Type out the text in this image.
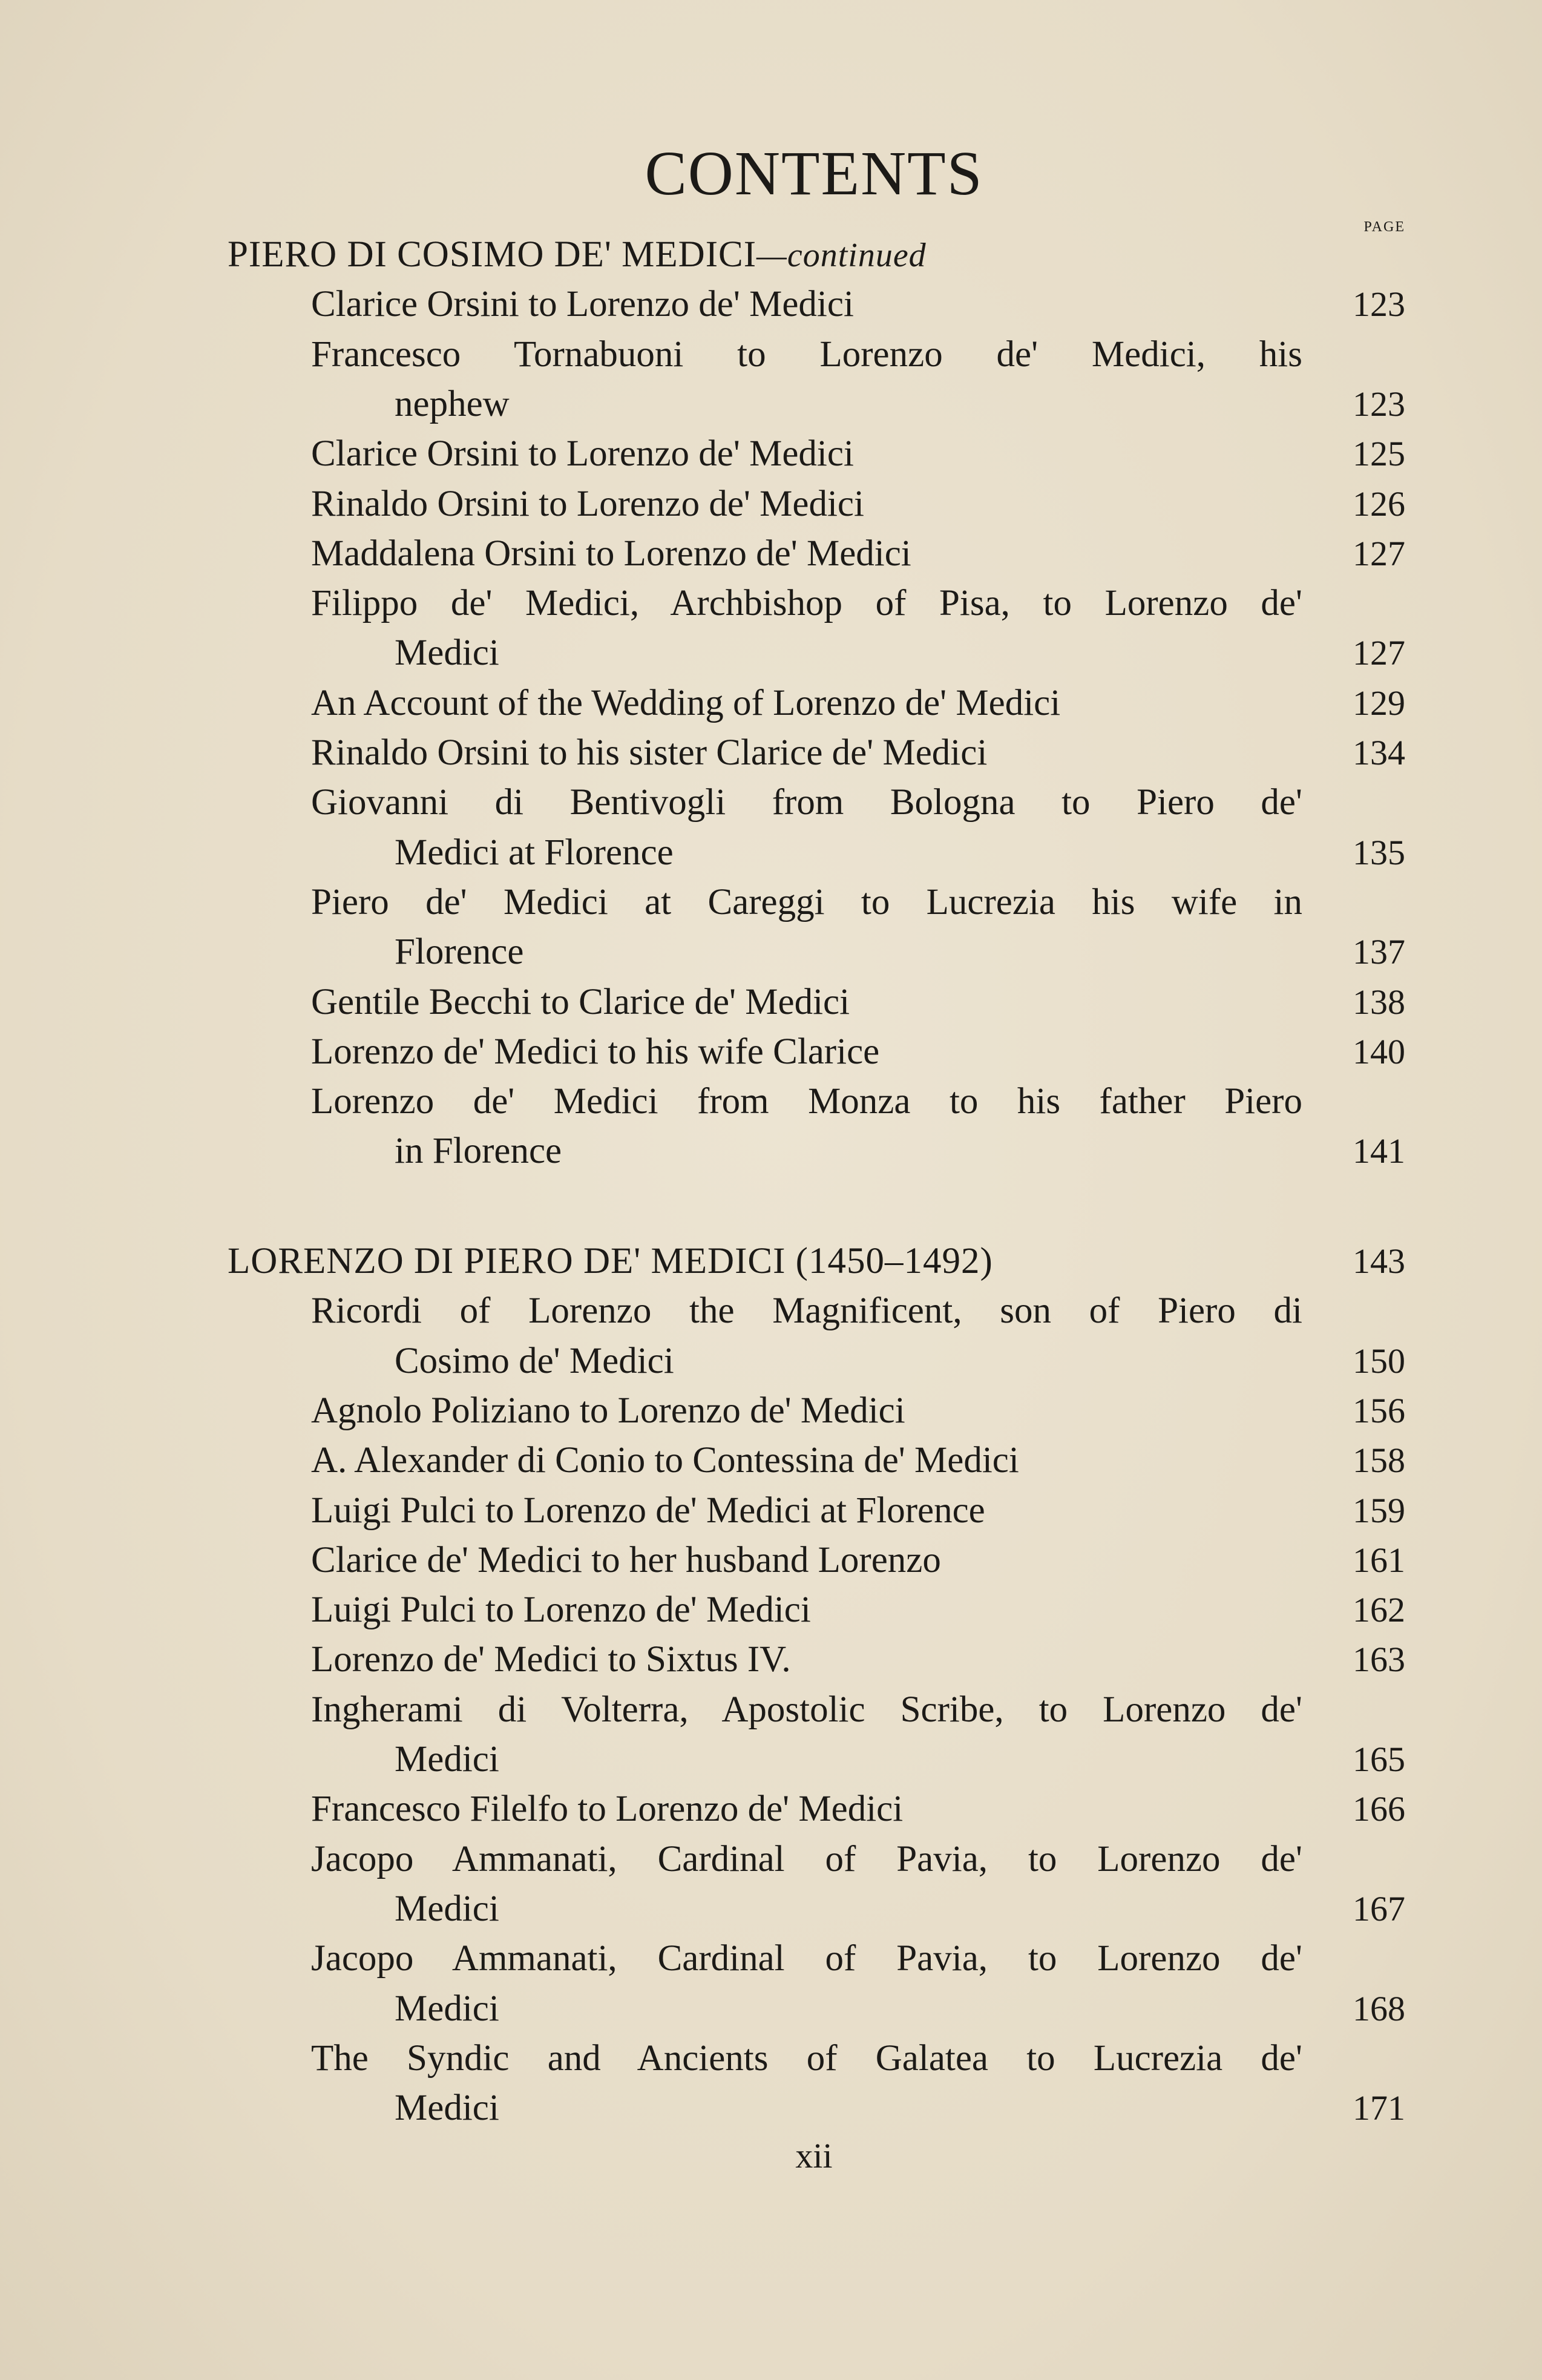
CONTENTS
PAGE
PIERO DI COSIMO DE' MEDICI—continued
Clarice Orsini to Lorenzo de' Medici	123
Francesco Tornabuoni to Lorenzo de' Medici, his
nephew	123
Clarice Orsini to Lorenzo de' Medici	125
Rinaldo Orsini to Lorenzo de' Medici	126
Maddalena Orsini to Lorenzo de' Medici	127
Filippo de' Medici, Archbishop of Pisa, to Lorenzo de'
Medici	127
An Account of the Wedding of Lorenzo de' Medici	129
Rinaldo Orsini to his sister Clarice de' Medici	134
Giovanni di Bentivogli from Bologna to Piero de'
Medici at Florence	135
Piero de' Medici at Careggi to Lucrezia his wife in
Florence	137
Gentile Becchi to Clarice de' Medici	138
Lorenzo de' Medici to his wife Clarice	140
Lorenzo de' Medici from Monza to his father Piero
in Florence	141
LORENZO DI PIERO DE' MEDICI (1450–1492)	143
Ricordi of Lorenzo the Magnificent, son of Piero di
Cosimo de' Medici	150
Agnolo Poliziano to Lorenzo de' Medici	156
A. Alexander di Conio to Contessina de' Medici	158
Luigi Pulci to Lorenzo de' Medici at Florence	159
Clarice de' Medici to her husband Lorenzo	161
Luigi Pulci to Lorenzo de' Medici	162
Lorenzo de' Medici to Sixtus IV.	163
Ingherami di Volterra, Apostolic Scribe, to Lorenzo de'
Medici	165
Francesco Filelfo to Lorenzo de' Medici	166
Jacopo Ammanati, Cardinal of Pavia, to Lorenzo de'
Medici	167
Jacopo Ammanati, Cardinal of Pavia, to Lorenzo de'
Medici	168
The Syndic and Ancients of Galatea to Lucrezia de'
Medici	171
xii
